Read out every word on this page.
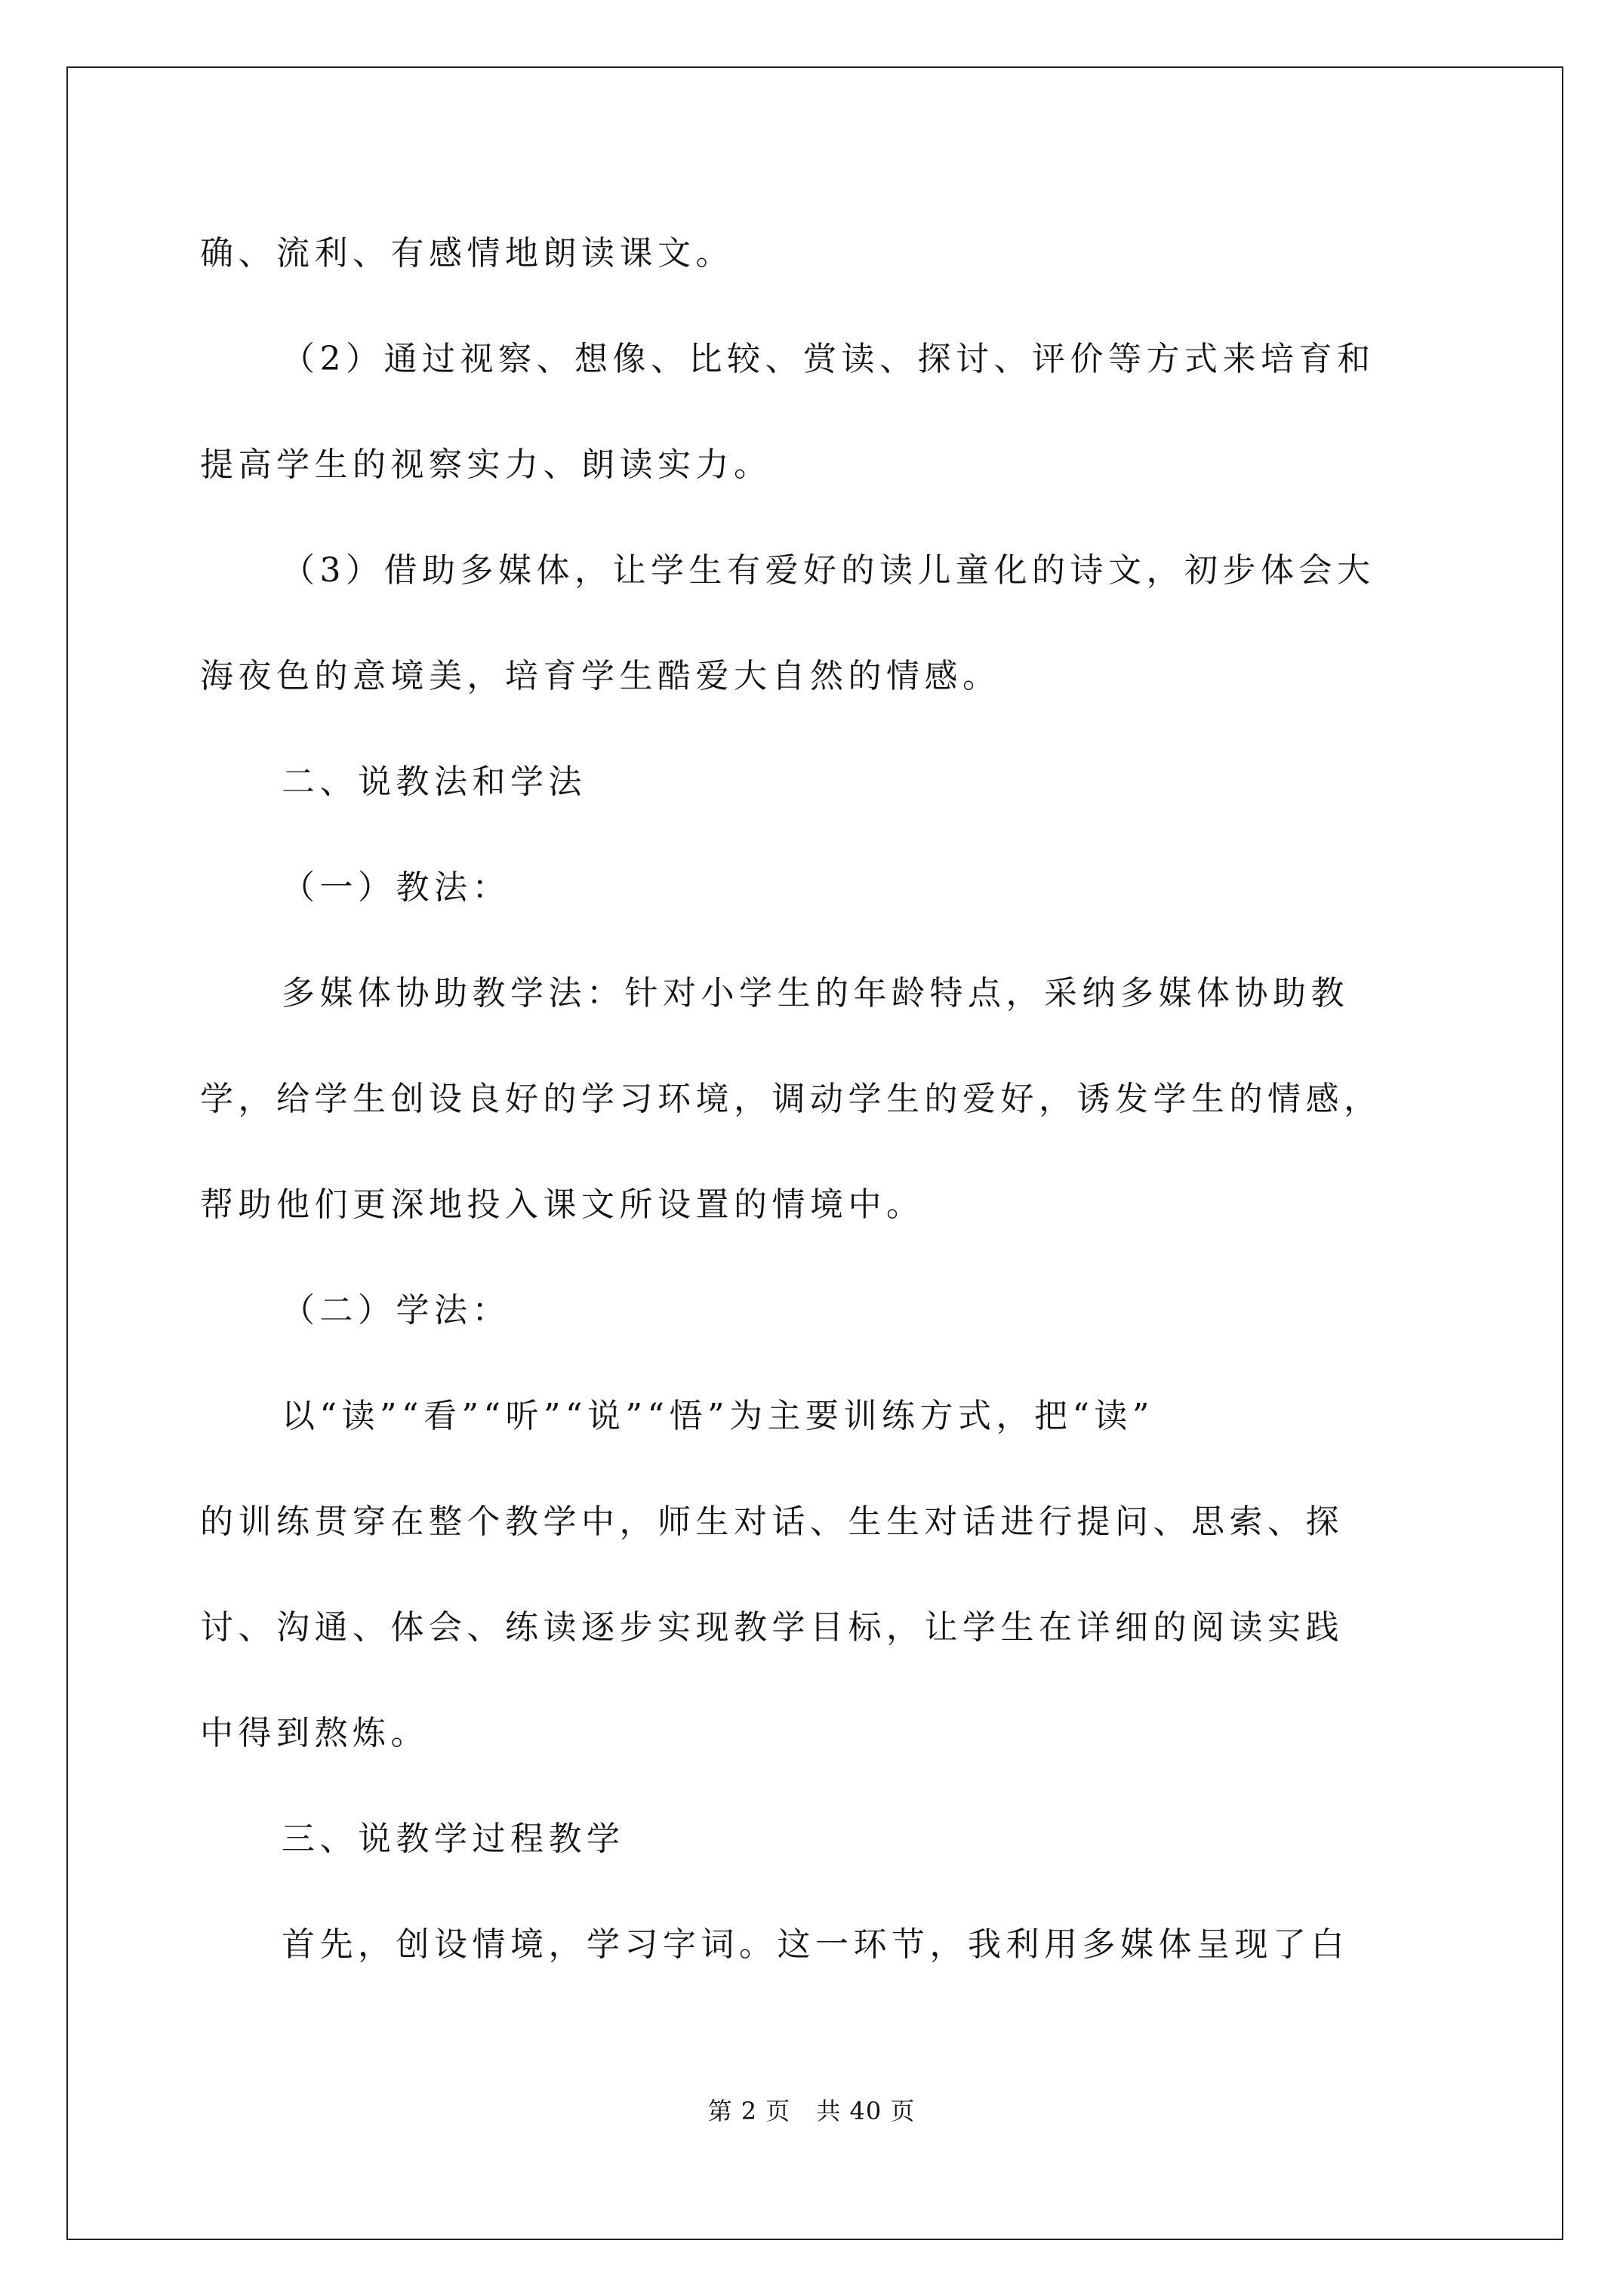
确、流利、有感情地朗读课文。
（2）通过视察、想像、比较、赏读、探讨、评价等方式来培育和
提高学生的视察实力、朗读实力。
（3）借助多媒体，让学生有爱好的读儿童化的诗文，初步体会大
海夜色的意境美，培育学生酷爱大自然的情感。
二、说教法和学法
（一）教法：
多媒体协助教学法：针对小学生的年龄特点，采纳多媒体协助教
学，给学生创设良好的学习环境，调动学生的爱好，诱发学生的情感，
帮助他们更深地投入课文所设置的情境中。
（二）学法：
以“读”“看”“听”“说”“悟”为主要训练方式，把“读”
的训练贯穿在整个教学中，师生对话、生生对话进行提问、思索、探
讨、沟通、体会、练读逐步实现教学目标，让学生在详细的阅读实践
中得到熬炼。
三、说教学过程教学
首先，创设情境，学习字词。这一环节，我利用多媒体呈现了白
第 2 页 共 40 页
